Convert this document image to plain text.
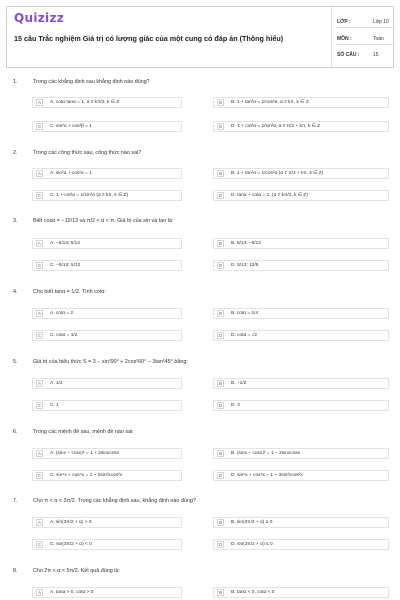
Quizizz
15 câu Trắc nghiệm Giá trị có lượng giác của một cung có đáp án (Thông hiểu)
LỚP :	Lớp 10
MÔN :	Toán
SỐ CÂU :	15
1.	Trong các khẳng định sau khẳng định nào đúng?
A	A. cotα tanα = 1, α ≠ kπ/2, k ∈ Z	B	B. 1 + tan²α = 1/cos²α, α ≠ kπ, k ∈ Z
C	C. sin²α + cos²β = 1	D	D. 1 + cot²α = 1/sin²α, α ≠ π/2 + kπ, k ∈ Z
2.	Trong các công thức sau, công thức nào sai?
A	A. sin²α + cos²α = 1	B	B. 1 + tan²α = 1/cos²α (α ≠ π/2 + kπ, k ∈ Z)
C	C. 1 + cot²α = 1/sin²α (α ≠ kπ, k ∈ Z)	D	D. tanα + cotα = 1, (α ≠ kπ/2, k ∈ Z)
3.	Biết cosα = −12/13 và π/2 < α < π. Giá trị của sin và tan là:
A	A. −5/13; 5/12	B	B. 5/13; −5/12
C	C. −5/13; 5/12	D	D. 5/13; 12/5
4.	Cho biết tanα = 1/2. Tính cotα:
A	A. cotα = 2	B	B. cotα = 1/4
C	C. cotα = 1/2	D	D. cotα = √2
5.	Giá trị của biểu thức S = 3 − sin²90° + 2cos²60° − 3tan²45° bằng:
A	A. 1/2	B	B. −1/2
C	C. 1	D	D. 3
6.	Trong các mệnh đề sau, mệnh đề nào sai:
A	A. (sinx − cosx)² = 1 + 2sinxcosx	B	B. (sinx − cosx)² = 1 − 2sinxcosx
C	C. sin⁴x + cos⁴x = 1 − 2sin²xcos²x	D	D. sin⁶x + cos⁶x = 1 + 3sin²xcos²x
7.	Cho π < α < 3π/2. Trong các khẳng định sau, khẳng định nào đúng?
A	A. sin(3π/2 + α) > 0	B	B. sin(3π/2 + α) ≥ 0
C	C. sin(3π/2 + α) < 0	D	D. sin(3π/2 + α) ≤ 0
8.	Cho 2π < α < 5π/2. Kết quả đúng là:
A	A. tanα > 0, cotα > 0	B	B. tanα < 0, cotα < 0
